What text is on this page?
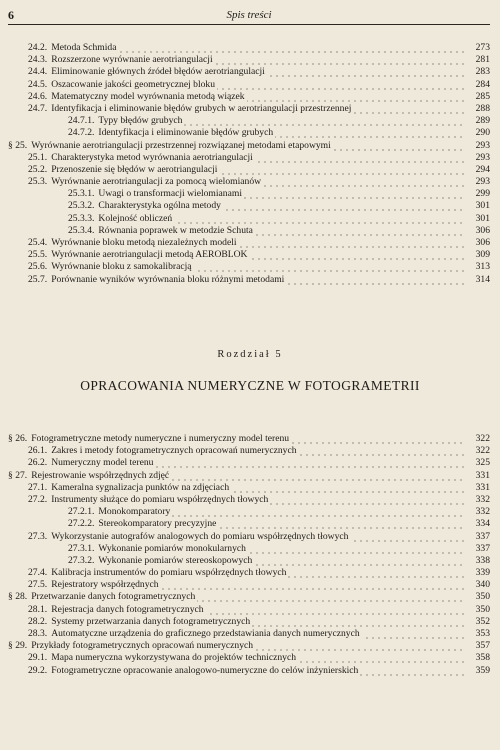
6	Spis treści
24.2. Metoda Schmida	273
24.3. Rozszerzone wyrównanie aerotriangulacji	281
24.4. Eliminowanie głównych źródeł błędów aerotriangulacji	283
24.5. Oszacowanie jakości geometrycznej bloku	284
24.6. Matematyczny model wyrównania metodą wiązek	285
24.7. Identyfikacja i eliminowanie błędów grubych w aerotriangulacji przestrzennej	288
24.7.1. Typy błędów grubych	289
24.7.2. Identyfikacja i eliminowanie błędów grubych	290
§ 25. Wyrównanie aerotriangulacji przestrzennej rozwiązanej metodami etapowymi	293
25.1. Charakterystyka metod wyrównania aerotriangulacji	293
25.2. Przenoszenie się błędów w aerotriangulacji	294
25.3. Wyrównanie aerotriangulacji za pomocą wielomianów	293
25.3.1. Uwagi o transformacji wielomianami	299
25.3.2. Charakterystyka ogólna metody	301
25.3.3. Kolejność obliczeń	301
25.3.4. Równania poprawek w metodzie Schuta	306
25.4. Wyrównanie bloku metodą niezależnych modeli	306
25.5. Wyrównanie aerotriangulacji metodą AEROBLOK	309
25.6. Wyrównanie bloku z samokalibracją	313
25.7. Porównanie wyników wyrównania bloku różnymi metodami	314
Rozdział 5
OPRACOWANIA NUMERYCZNE W FOTOGRAMETRII
§ 26. Fotogrametryczne metody numeryczne i numeryczny model terenu	322
26.1. Zakres i metody fotogrametrycznych opracowań numerycznych	322
26.2. Numeryczny model terenu	325
§ 27. Rejestrowanie współrzędnych zdjęć	331
27.1. Kameralna sygnalizacja punktów na zdjęciach	331
27.2. Instrumenty służące do pomiaru współrzędnych tłowych	332
27.2.1. Monokomparatory	332
27.2.2. Stereokomparatory precyzyjne	334
27.3. Wykorzystanie autografów analogowych do pomiaru współrzędnych tłowych	337
27.3.1. Wykonanie pomiarów monokularnych	337
27.3.2. Wykonanie pomiarów stereoskopowych	338
27.4. Kalibracja instrumentów do pomiaru współrzędnych tłowych	339
27.5. Rejestratory współrzędnych	340
§ 28. Przetwarzanie danych fotogrametrycznych	350
28.1. Rejestracja danych fotogrametrycznych	350
28.2. Systemy przetwarzania danych fotogrametrycznych	352
28.3. Automatyczne urządzenia do graficznego przedstawiania danych numerycznych	353
§ 29. Przykłady fotogrametrycznych opracowań numerycznych	357
29.1. Mapa numeryczna wykorzystywana do projektów technicznych	358
29.2. Fotogrametryczne opracowanie analogowo-numeryczne do celów inżynierskich	359
